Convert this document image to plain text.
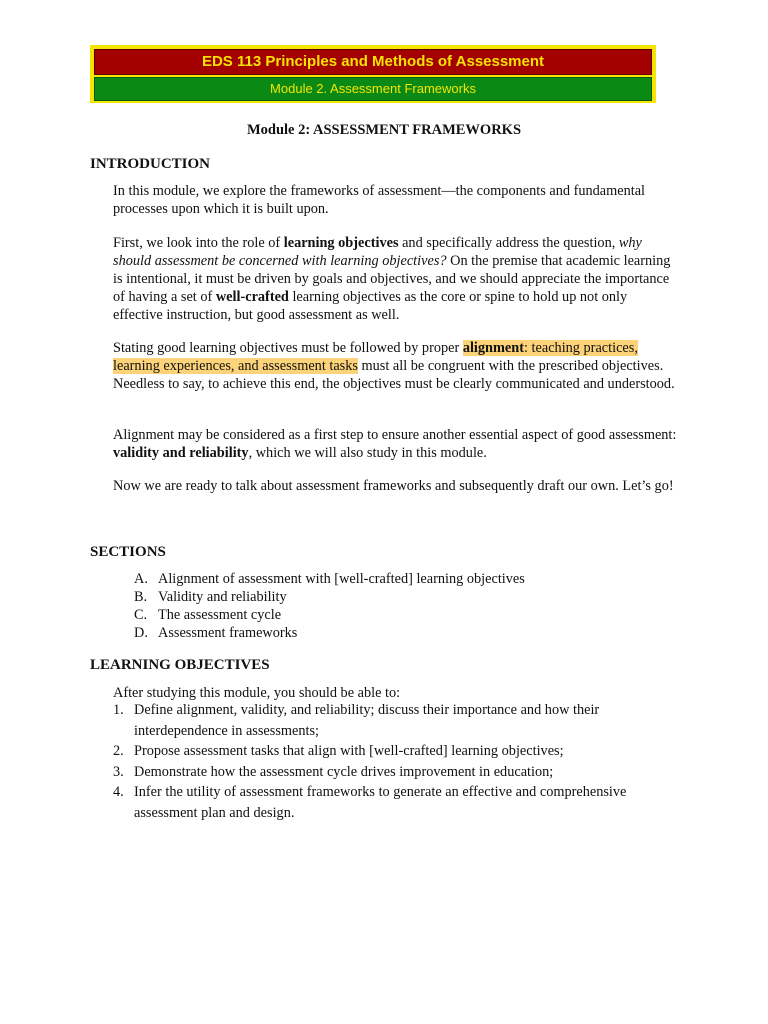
EDS 113 Principles and Methods of Assessment
Module 2. Assessment Frameworks
Module 2: ASSESSMENT FRAMEWORKS
INTRODUCTION
In this module, we explore the frameworks of assessment—the components and fundamental processes upon which it is built upon.
First, we look into the role of learning objectives and specifically address the question, why should assessment be concerned with learning objectives? On the premise that academic learning is intentional, it must be driven by goals and objectives, and we should appreciate the importance of having a set of well-crafted learning objectives as the core or spine to hold up not only effective instruction, but good assessment as well.
Stating good learning objectives must be followed by proper alignment: teaching practices, learning experiences, and assessment tasks must all be congruent with the prescribed objectives. Needless to say, to achieve this end, the objectives must be clearly communicated and understood.
Alignment may be considered as a first step to ensure another essential aspect of good assessment: validity and reliability, which we will also study in this module.
Now we are ready to talk about assessment frameworks and subsequently draft our own. Let’s go!
SECTIONS
A. Alignment of assessment with [well-crafted] learning objectives
B. Validity and reliability
C. The assessment cycle
D. Assessment frameworks
LEARNING OBJECTIVES
After studying this module, you should be able to:
1. Define alignment, validity, and reliability; discuss their importance and how their interdependence in assessments;
2. Propose assessment tasks that align with [well-crafted] learning objectives;
3. Demonstrate how the assessment cycle drives improvement in education;
4. Infer the utility of assessment frameworks to generate an effective and comprehensive assessment plan and design.
